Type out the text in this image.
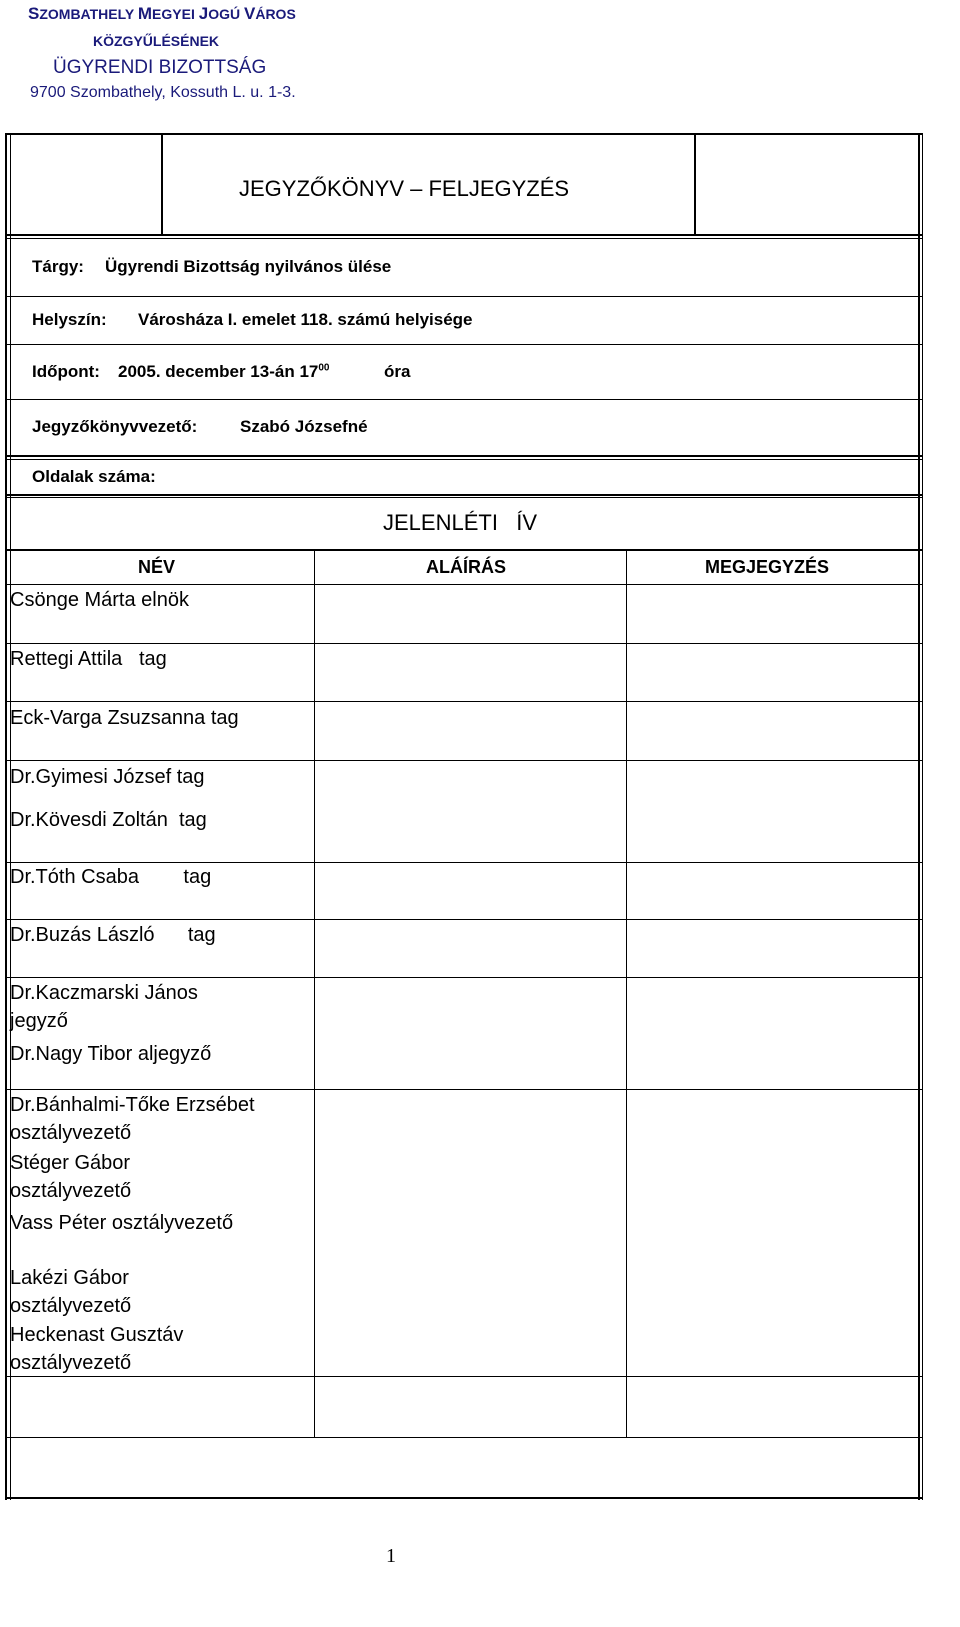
SZOMBATHELY MEGYEI JOGÚ VÁROS
KÖZGYŰLÉSÉNEK
ÜGYRENDI BIZOTTSÁG
9700 Szombathely, Kossuth L. u. 1-3.
JEGYZŐKÖNYV – FELJEGYZÉS
Tárgy: Ügyrendi Bizottság nyilvános ülése
Helyszín: Városháza I. emelet 118. számú helyisége
Időpont: 2005. december 13-án $17^{00}$	óra
Jegyzőkönyvvezető:	Szabó Józsefné
Oldalak száma:
JELENLÉTI   ÍV
NÉV	ALÁÍRÁS	MEGJEGYZÉS
Csönge Márta elnök
Rettegi Attila   tag
Eck-Varga Zsuzsanna tag
Dr.Gyimesi József tag
Dr.Kövesdi Zoltán  tag
Dr.Tóth Csaba        tag
Dr.Buzás László      tag
Dr.Kaczmarski János jegyző
Dr.Nagy Tibor aljegyző
Dr.Bánhalmi-Tőke Erzsébet osztályvezető
Stéger Gábor osztályvezető
Vass Péter osztályvezető
Lakézi Gábor osztályvezető
Heckenast Gusztáv osztályvezető
1
